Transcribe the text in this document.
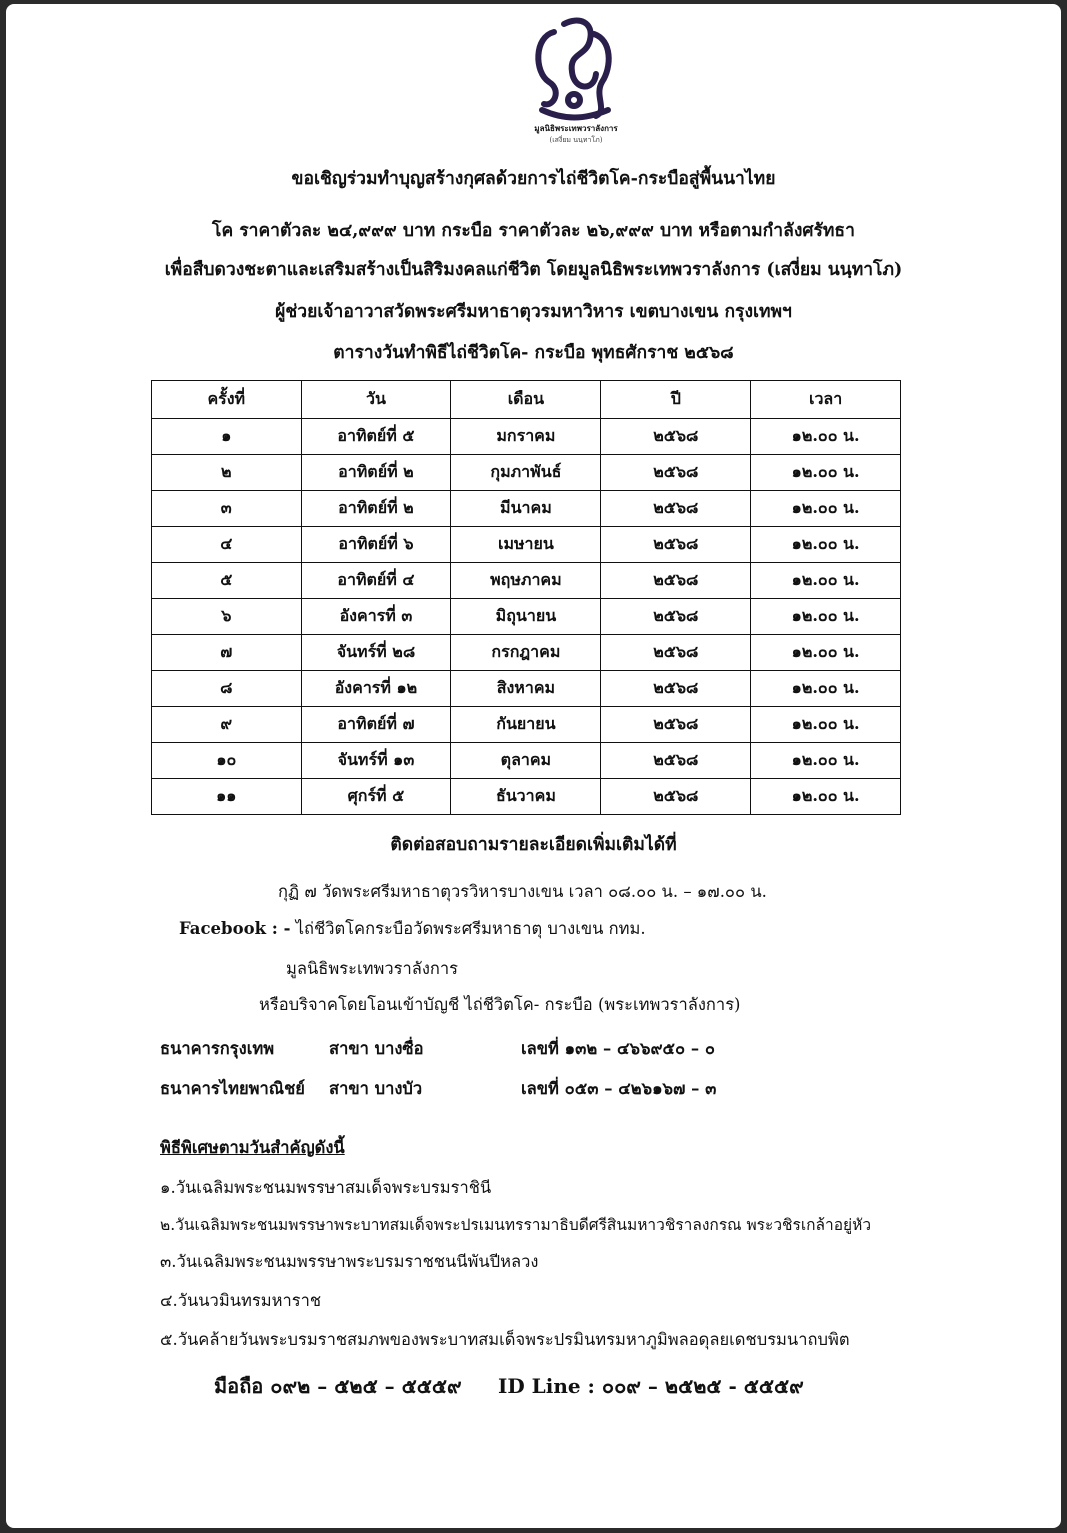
มูลนิธิพระเทพวราลังการ
(เสงี่ยม นนฺทาโภ)
ขอเชิญร่วมทำบุญสร้างกุศลด้วยการไถ่ชีวิตโค-กระบือสู่พื้นนาไทย
โค ราคาตัวละ ๒๔,๙๙๙ บาท กระบือ ราคาตัวละ ๒๖,๙๙๙ บาท หรือตามกำลังศรัทธา
เพื่อสืบดวงชะตาและเสริมสร้างเป็นสิริมงคลแก่ชีวิต โดยมูลนิธิพระเทพวราลังการ (เสงี่ยม นนฺทาโภ)
ผู้ช่วยเจ้าอาวาสวัดพระศรีมหาธาตุวรมหาวิหาร เขตบางเขน กรุงเทพฯ
ตารางวันทำพิธีไถ่ชีวิตโค- กระบือ พุทธศักราช ๒๕๖๘
ครั้งที่	วัน	เดือน	ปี	เวลา
๑	อาทิตย์ที่ ๕	มกราคม	๒๕๖๘	๑๒.๐๐ น.
๒	อาทิตย์ที่ ๒	กุมภาพันธ์	๒๕๖๘	๑๒.๐๐ น.
๓	อาทิตย์ที่ ๒	มีนาคม	๒๕๖๘	๑๒.๐๐ น.
๔	อาทิตย์ที่ ๖	เมษายน	๒๕๖๘	๑๒.๐๐ น.
๕	อาทิตย์ที่ ๔	พฤษภาคม	๒๕๖๘	๑๒.๐๐ น.
๖	อังคารที่ ๓	มิถุนายน	๒๕๖๘	๑๒.๐๐ น.
๗	จันทร์ที่ ๒๘	กรกฎาคม	๒๕๖๘	๑๒.๐๐ น.
๘	อังคารที่ ๑๒	สิงหาคม	๒๕๖๘	๑๒.๐๐ น.
๙	อาทิตย์ที่ ๗	กันยายน	๒๕๖๘	๑๒.๐๐ น.
๑๐	จันทร์ที่ ๑๓	ตุลาคม	๒๕๖๘	๑๒.๐๐ น.
๑๑	ศุกร์ที่ ๕	ธันวาคม	๒๕๖๘	๑๒.๐๐ น.
ติดต่อสอบถามรายละเอียดเพิ่มเติมได้ที่
กุฏิ ๗ วัดพระศรีมหาธาตุวรวิหารบางเขน เวลา ๐๘.๐๐ น. – ๑๗.๐๐ น.
Facebook : - ไถ่ชีวิตโคกระบือวัดพระศรีมหาธาตุ บางเขน กทม.
มูลนิธิพระเทพวราลังการ
หรือบริจาคโดยโอนเข้าบัญชี ไถ่ชีวิตโค- กระบือ (พระเทพวราลังการ)
ธนาคารกรุงเทพ	สาขา บางซื่อ	เลขที่ ๑๓๒ – ๔๖๖๙๕๐ – ๐
ธนาคารไทยพาณิชย์ สาขา บางบัว	เลขที่ ๐๕๓ – ๔๒๖๑๖๗ – ๓
พิธีพิเศษตามวันสำคัญดังนี้
๑.วันเฉลิมพระชนมพรรษาสมเด็จพระบรมราชินี
๒.วันเฉลิมพระชนมพรรษาพระบาทสมเด็จพระปรเมนทรรามาธิบดีศรีสินมหาวชิราลงกรณ พระวชิรเกล้าอยู่หัว
๓.วันเฉลิมพระชนมพรรษาพระบรมราชชนนีพันปีหลวง
๔.วันนวมินทรมหาราช
๕.วันคล้ายวันพระบรมราชสมภพของพระบาทสมเด็จพระปรมินทรมหาภูมิพลอดุลยเดชบรมนาถบพิต
มือถือ ๐๙๒ – ๕๒๕ – ๕๕๕๙ ID Line : ๐๐๙ – ๒๕๒๕ - ๕๕๕๙
